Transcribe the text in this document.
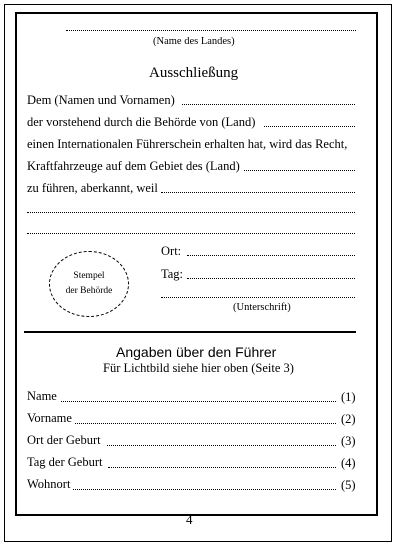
(Name des Landes)
Ausschließung
Dem (Namen und Vornamen)
der vorstehend durch die Behörde von (Land)
einen Internationalen Führerschein erhalten hat, wird das Recht,
Kraftfahrzeuge auf dem Gebiet des (Land)
zu führen, aberkannt, weil
Stempel
der Behörde
Ort:
Tag:
(Unterschrift)
Angaben über den Führer
Für Lichtbild siehe hier oben (Seite 3)
Name	(1)
Vorname	(2)
Ort der Geburt	(3)
Tag der Geburt	(4)
Wohnort	(5)
4
